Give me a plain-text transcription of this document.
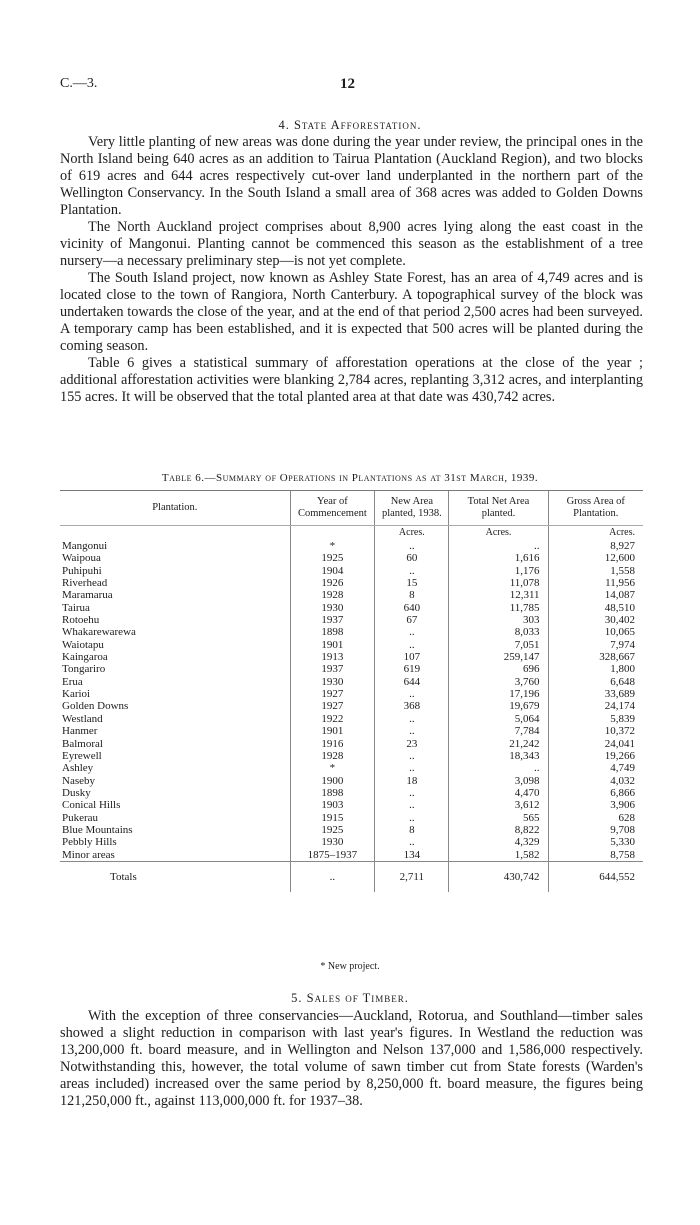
C.—3.	12
4. State Afforestation.

Very little planting of new areas was done during the year under review, the principal ones in the North Island being 640 acres as an addition to Tairua Plantation (Auckland Region), and two blocks of 619 acres and 644 acres respectively cut-over land underplanted in the northern part of the Wellington Conservancy. In the South Island a small area of 368 acres was added to Golden Downs Plantation.

The North Auckland project comprises about 8,900 acres lying along the east coast in the vicinity of Mangonui. Planting cannot be commenced this season as the establishment of a tree nursery—a necessary preliminary step—is not yet complete.

The South Island project, now known as Ashley State Forest, has an area of 4,749 acres and is located close to the town of Rangiora, North Canterbury. A topographical survey of the block was undertaken towards the close of the year, and at the end of that period 2,500 acres had been surveyed. A temporary camp has been established, and it is expected that 500 acres will be planted during the coming season.

Table 6 gives a statistical summary of afforestation operations at the close of the year ; additional afforestation activities were blanking 2,784 acres, replanting 3,312 acres, and interplanting 155 acres. It will be observed that the total planted area at that date was 430,742 acres.

Table 6.—Summary of Operations in Plantations as at 31st March, 1939.
Plantation.	Year of Commencement	New Area planted, 1938.	Total Net Area planted.	Gross Area of Plantation.
		Acres.	Acres.	Acres.
Mangonui	*	..	..	8,927
Waipoua	1925	60	1,616	12,600
Puhipuhi	1904	..	1,176	1,558
Riverhead	1926	15	11,078	11,956
Maramarua	1928	8	12,311	14,087
Tairua	1930	640	11,785	48,510
Rotoehu	1937	67	303	30,402
Whakarewarewa	1898	..	8,033	10,065
Waiotapu	1901	..	7,051	7,974
Kaingaroa	1913	107	259,147	328,667
Tongariro	1937	619	696	1,800
Erua	1930	644	3,760	6,648
Karioi	1927	..	17,196	33,689
Golden Downs	1927	368	19,679	24,174
Westland	1922	..	5,064	5,839
Hanmer	1901	..	7,784	10,372
Balmoral	1916	23	21,242	24,041
Eyrewell	1928	..	18,343	19,266
Ashley	*	..	..	4,749
Naseby	1900	18	3,098	4,032
Dusky	1898	..	4,470	6,866
Conical Hills	1903	..	3,612	3,906
Pukerau	1915	..	565	628
Blue Mountains	1925	8	8,822	9,708
Pebbly Hills	1930	..	4,329	5,330
Minor areas	1875–1937	134	1,582	8,758
Totals	..	2,711	430,742	644,552
* New project.
5. Sales of Timber.

With the exception of three conservancies—Auckland, Rotorua, and Southland—timber sales showed a slight reduction in comparison with last year's figures. In Westland the reduction was 13,200,000 ft. board measure, and in Wellington and Nelson 137,000 and 1,586,000 respectively. Notwithstanding this, however, the total volume of sawn timber cut from State forests (Warden's areas included) increased over the same period by 8,250,000 ft. board measure, the figures being 121,250,000 ft., against 113,000,000 ft. for 1937–38.
